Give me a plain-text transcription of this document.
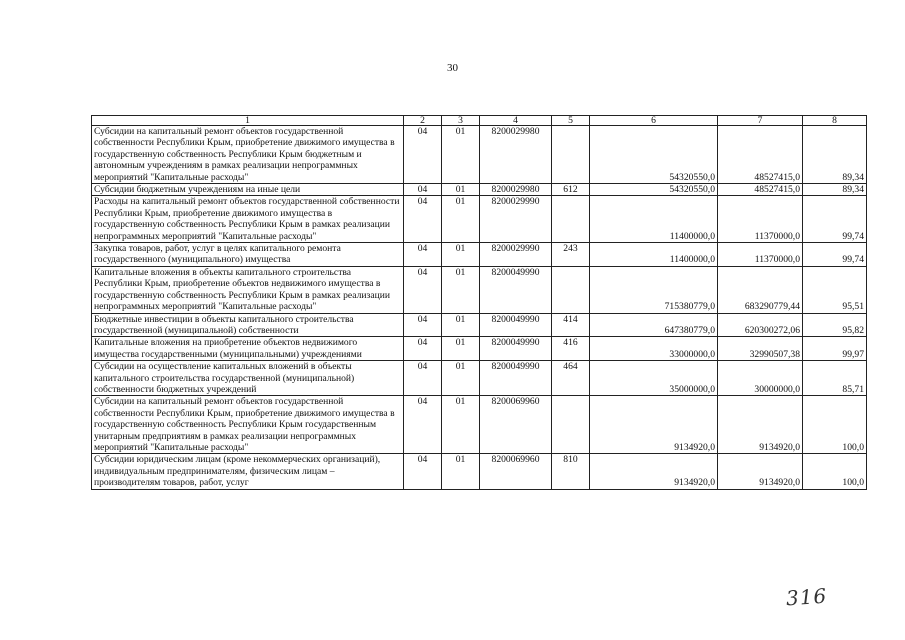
30
1	2	3	4	5	6	7	8
Субсидии на капитальный ремонт объектов государственной собственности Республики Крым, приобретение движимого имущества в государственную собственность Республики Крым бюджетным и автономным учреждениям в рамках реализации непрограммных мероприятий "Капитальные расходы"	04	01	8200029980		54320550,0	48527415,0	89,34
Субсидии бюджетным учреждениям на иные цели	04	01	8200029980	612	54320550,0	48527415,0	89,34
Расходы на капитальный ремонт объектов государственной собственности Республики Крым, приобретение движимого имущества в государственную собственность Республики Крым в рамках реализации непрограммных мероприятий "Капитальные расходы"	04	01	8200029990		11400000,0	11370000,0	99,74
Закупка товаров, работ, услуг в целях капитального ремонта государственного (муниципального) имущества	04	01	8200029990	243	11400000,0	11370000,0	99,74
Капитальные вложения в объекты капитального строительства Республики Крым, приобретение объектов недвижимого имущества в государственную собственность Республики Крым в рамках реализации непрограммных мероприятий "Капитальные расходы"	04	01	8200049990		715380779,0	683290779,44	95,51
Бюджетные инвестиции в объекты капитального строительства государственной (муниципальной) собственности	04	01	8200049990	414	647380779,0	620300272,06	95,82
Капитальные вложения на приобретение объектов недвижимого имущества государственными (муниципальными) учреждениями	04	01	8200049990	416	33000000,0	32990507,38	99,97
Субсидии на осуществление капитальных вложений в объекты капитального строительства государственной (муниципальной) собственности бюджетных учреждений	04	01	8200049990	464	35000000,0	30000000,0	85,71
Субсидии на капитальный ремонт объектов государственной собственности Республики Крым, приобретение движимого имущества в государственную собственность Республики Крым государственным унитарным предприятиям в рамках реализации непрограммных мероприятий "Капитальные расходы"	04	01	8200069960		9134920,0	9134920,0	100,0
Субсидии юридическим лицам (кроме некоммерческих организаций), индивидуальным предпринимателям, физическим лицам – производителям товаров, работ, услуг	04	01	8200069960	810	9134920,0	9134920,0	100,0
316
